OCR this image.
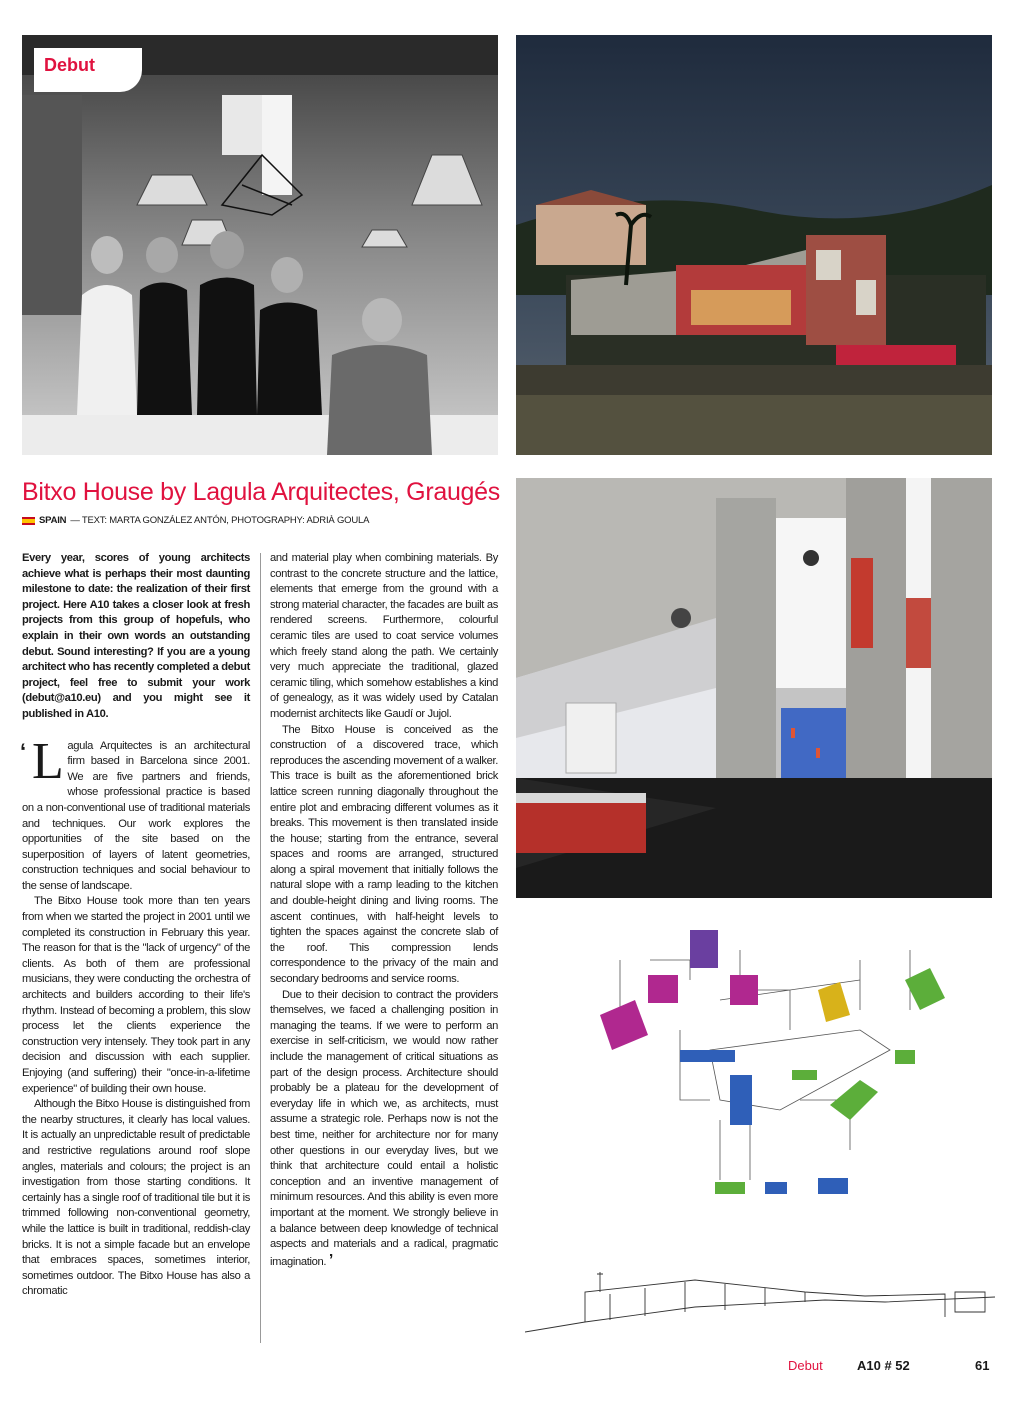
Debut
Bitxo House by Lagula Arquitectes, Graugés
SPAIN — TEXT: MARTA GONZÁLEZ ANTÓN, PHOTOGRAPHY: ADRIÀ GOULA

Every year, scores of young architects achieve what is perhaps their most daunting milestone to date: the realization of their first project. Here A10 takes a closer look at fresh projects from this group of hopefuls, who explain in their own words an outstanding debut. Sound interesting? If you are a young architect who has recently completed a debut project, feel free to submit your work (debut@a10.eu) and you might see it published in A10.

‘ Lagula Arquitectes is an architectural firm based in Barcelona since 2001. We are five partners and friends, whose professional practice is based on a non-conventional use of traditional materials and techniques. Our work explores the opportunities of the site based on the superposition of layers of latent geometries, construction techniques and social behaviour to the sense of landscape.

The Bitxo House took more than ten years from when we started the project in 2001 until we completed its construction in February this year. The reason for that is the "lack of urgency" of the clients. As both of them are professional musicians, they were conducting the orchestra of architects and builders according to their life's rhythm. Instead of becoming a problem, this slow process let the clients experience the construction very intensely. They took part in any decision and discussion with each supplier. Enjoying (and suffering) their "once-in-a-lifetime experience" of building their own house.

Although the Bitxo House is distinguished from the nearby structures, it clearly has local values. It is actually an unpredictable result of predictable and restrictive regulations around roof slope angles, materials and colours; the project is an investigation from those starting conditions. It certainly has a single roof of traditional tile but it is trimmed following non-conventional geometry, while the lattice is built in traditional, reddish-clay bricks. It is not a simple facade but an envelope that embraces spaces, sometimes interior, sometimes outdoor. The Bitxo House has also a chromatic

and material play when combining materials. By contrast to the concrete structure and the lattice, elements that emerge from the ground with a strong material character, the facades are built as rendered screens. Furthermore, colourful ceramic tiles are used to coat service volumes which freely stand along the path. We certainly very much appreciate the traditional, glazed ceramic tiling, which somehow establishes a kind of genealogy, as it was widely used by Catalan modernist architects like Gaudí or Jujol.

The Bitxo House is conceived as the construction of a discovered trace, which reproduces the ascending movement of a walker. This trace is built as the aforementioned brick lattice screen running diagonally throughout the entire plot and embracing different volumes as it breaks. This movement is then translated inside the house; starting from the entrance, several spaces and rooms are arranged, structured along a spiral movement that initially follows the natural slope with a ramp leading to the kitchen and double-height dining and living rooms. The ascent continues, with half-height levels to tighten the spaces against the concrete slab of the roof. This compression lends correspondence to the privacy of the main and secondary bedrooms and service rooms.

Due to their decision to contract the providers themselves, we faced a challenging position in managing the teams. If we were to perform an exercise in self-criticism, we would now rather include the management of critical situations as part of the design process. Architecture should probably be a plateau for the development of everyday life in which we, as architects, must assume a strategic role. Perhaps now is not the best time, neither for architecture nor for many other questions in our everyday lives, but we think that architecture could entail a holistic conception and an inventive management of minimum resources. And this ability is even more important at the moment. We strongly believe in a balance between deep knowledge of technical aspects and materials and a radical, pragmatic imagination. ’

Debut	A10 # 52	61
